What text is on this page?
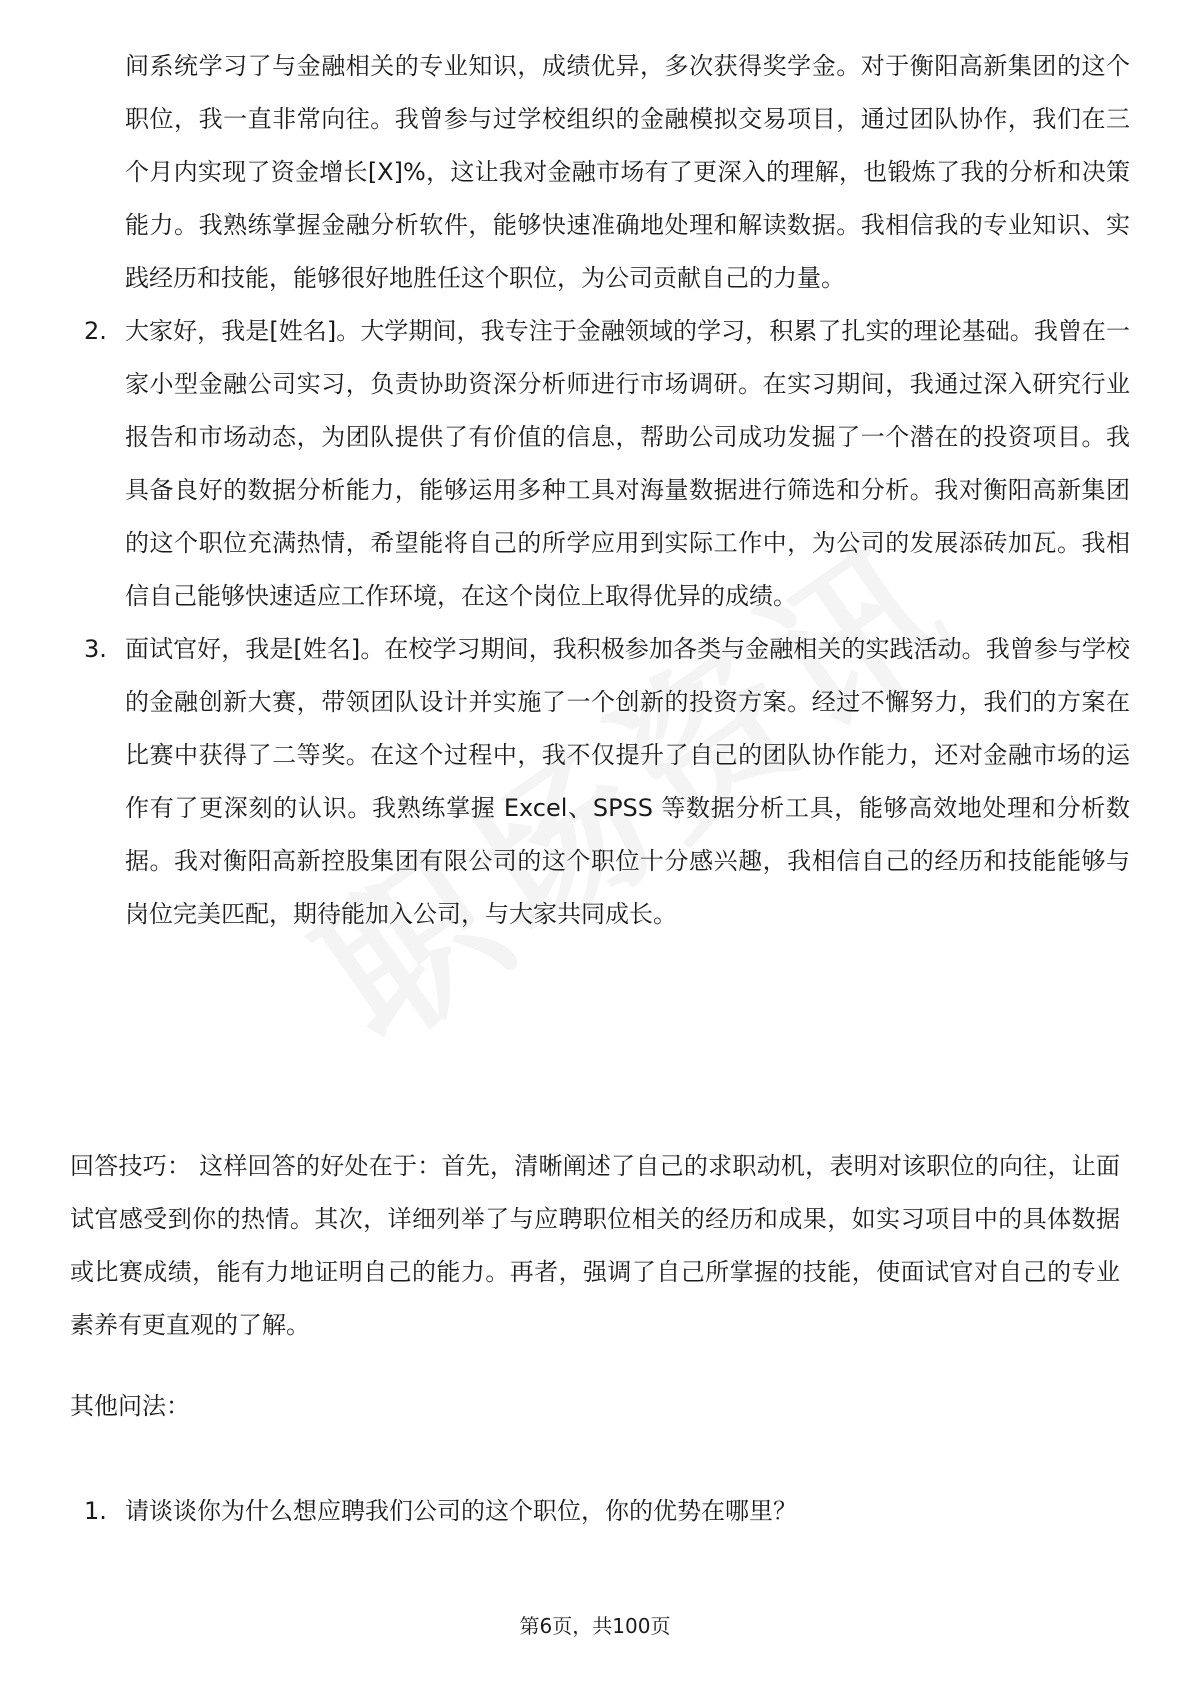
间系统学习了与金融相关的专业知识，成绩优异，多次获得奖学金。对于衡阳高新集团的这个职位，我一直非常向往。我曾参与过学校组织的金融模拟交易项目，通过团队协作，我们在三个月内实现了资金增长[X]%，这让我对金融市场有了更深入的理解，也锻炼了我的分析和决策能力。我熟练掌握金融分析软件，能够快速准确地处理和解读数据。我相信我的专业知识、实践经历和技能，能够很好地胜任这个职位，为公司贡献自己的力量。
2. 大家好，我是[姓名]。大学期间，我专注于金融领域的学习，积累了扎实的理论基础。我曾在一家小型金融公司实习，负责协助资深分析师进行市场调研。在实习期间，我通过深入研究行业报告和市场动态，为团队提供了有价值的信息，帮助公司成功发掘了一个潜在的投资项目。我具备良好的数据分析能力，能够运用多种工具对海量数据进行筛选和分析。我对衡阳高新集团的这个职位充满热情，希望能将自己的所学应用到实际工作中，为公司的发展添砖加瓦。我相信自己能够快速适应工作环境，在这个岗位上取得优异的成绩。
3. 面试官好，我是[姓名]。在校学习期间，我积极参加各类与金融相关的实践活动。我曾参与学校的金融创新大赛，带领团队设计并实施了一个创新的投资方案。经过不懈努力，我们的方案在比赛中获得了二等奖。在这个过程中，我不仅提升了自己的团队协作能力，还对金融市场的运作有了更深刻的认识。我熟练掌握 Excel、SPSS 等数据分析工具，能够高效地处理和分析数据。我对衡阳高新控股集团有限公司的这个职位十分感兴趣，我相信自己的经历和技能能够与岗位完美匹配，期待能加入公司，与大家共同成长。
回答技巧： 这样回答的好处在于：首先，清晰阐述了自己的求职动机，表明对该职位的向往，让面试官感受到你的热情。其次，详细列举了与应聘职位相关的经历和成果，如实习项目中的具体数据或比赛成绩，能有力地证明自己的能力。再者，强调了自己所掌握的技能，使面试官对自己的专业素养有更直观的了解。
其他问法：
1. 请谈谈你为什么想应聘我们公司的这个职位，你的优势在哪里？
第6页，共100页
